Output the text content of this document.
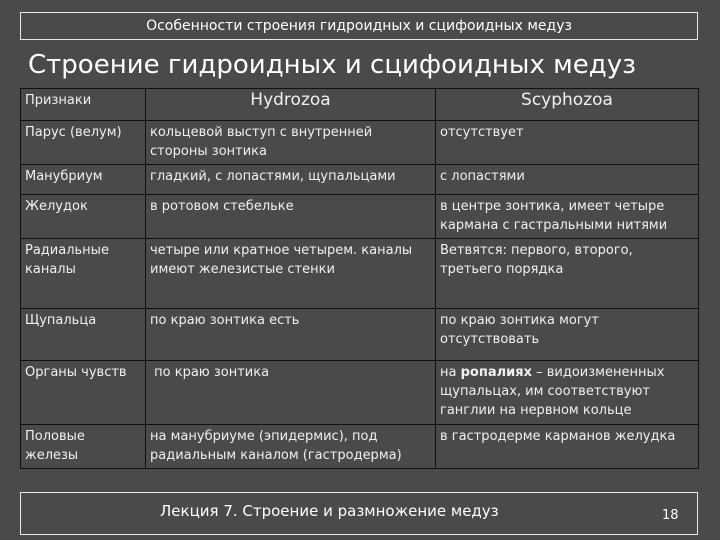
Особенности строения гидроидных и сцифоидных медуз
Строение гидроидных и сцифоидных медуз
Признаки	Hydrozoa	Scyphozoa
Парус (велум)	кольцевой выступ с внутренней стороны зонтика	отсутствует
Манубриум	гладкий, с лопастями, щупальцами	с лопастями
Желудок	в ротовом стебельке	в центре зонтика, имеет четыре кармана с гастральными нитями
Радиальные каналы	четыре или кратное четырем. каналы имеют железистые стенки	Ветвятся: первого, второго, третьего порядка
Щупальца	по краю зонтика есть	по краю зонтика могут отсутствовать
Органы чувств	по краю зонтика	на ропалиях – видоизмененных щупальцах, им соответствуют ганглии на нервном кольце
Половые железы	на манубриуме (эпидермис), под радиальным каналом (гастродерма)	в гастродерме карманов желудка
Лекция 7. Строение и размножение медуз	18
